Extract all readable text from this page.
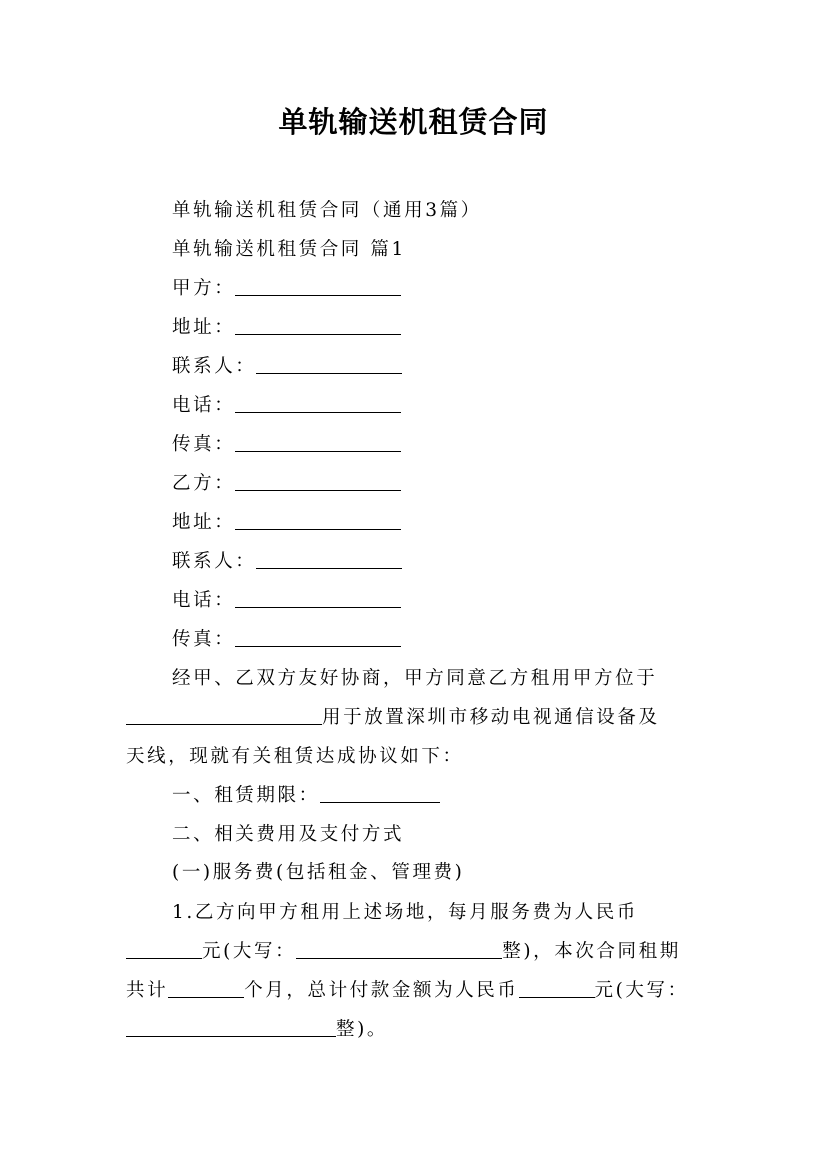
单轨输送机租赁合同
单轨输送机租赁合同（通用3篇）
单轨输送机租赁合同 篇1
甲方：
地址：
联系人：
电话：
传真：
乙方：
地址：
联系人：
电话：
传真：
经甲、乙双方友好协商，甲方同意乙方租用甲方位于
用于放置深圳市移动电视通信设备及
天线，现就有关租赁达成协议如下：
一、租赁期限：
二、相关费用及支付方式
(一)服务费(包括租金、管理费)
1.乙方向甲方租用上述场地，每月服务费为人民币
元(大写：	整)，本次合同租期
共计	个月，总计付款金额为人民币	元(大写：
整)。
